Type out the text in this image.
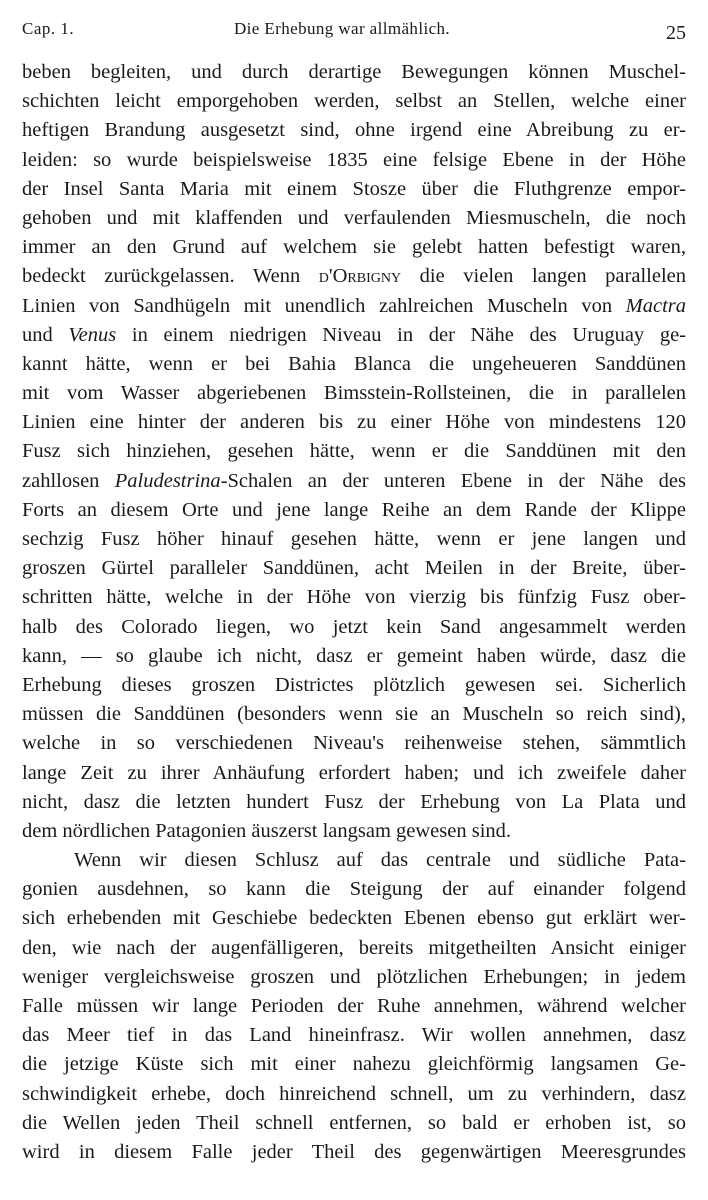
Cap. 1.	Die Erhebung war allmählich.	25
beben begleiten, und durch derartige Bewegungen können Muschel-
schichten leicht emporgehoben werden, selbst an Stellen, welche einer
heftigen Brandung ausgesetzt sind, ohne irgend eine Abreibung zu er-
leiden: so wurde beispielsweise 1835 eine felsige Ebene in der Höhe
der Insel Santa Maria mit einem Stosze über die Fluthgrenze empor-
gehoben und mit klaffenden und verfaulenden Miesmuscheln, die noch
immer an den Grund auf welchem sie gelebt hatten befestigt waren,
bedeckt zurückgelassen. Wenn d'Orbigny die vielen langen parallelen
Linien von Sandhügeln mit unendlich zahlreichen Muscheln von Mactra
und Venus in einem niedrigen Niveau in der Nähe des Uruguay ge-
kannt hätte, wenn er bei Bahia Blanca die ungeheueren Sanddünen
mit vom Wasser abgeriebenen Bimsstein-Rollsteinen, die in parallelen
Linien eine hinter der anderen bis zu einer Höhe von mindestens 120
Fusz sich hinziehen, gesehen hätte, wenn er die Sanddünen mit den
zahllosen Paludestrina-Schalen an der unteren Ebene in der Nähe des
Forts an diesem Orte und jene lange Reihe an dem Rande der Klippe
sechzig Fusz höher hinauf gesehen hätte, wenn er jene langen und
groszen Gürtel paralleler Sanddünen, acht Meilen in der Breite, über-
schritten hätte, welche in der Höhe von vierzig bis fünfzig Fusz ober-
halb des Colorado liegen, wo jetzt kein Sand angesammelt werden
kann, — so glaube ich nicht, dasz er gemeint haben würde, dasz die
Erhebung dieses groszen Districtes plötzlich gewesen sei. Sicherlich
müssen die Sanddünen (besonders wenn sie an Muscheln so reich sind),
welche in so verschiedenen Niveau's reihenweise stehen, sämmtlich
lange Zeit zu ihrer Anhäufung erfordert haben; und ich zweifele daher
nicht, dasz die letzten hundert Fusz der Erhebung von La Plata und
dem nördlichen Patagonien äuszerst langsam gewesen sind.
Wenn wir diesen Schlusz auf das centrale und südliche Pata-
gonien ausdehnen, so kann die Steigung der auf einander folgend
sich erhebenden mit Geschiebe bedeckten Ebenen ebenso gut erklärt wer-
den, wie nach der augenfälligeren, bereits mitgetheilten Ansicht einiger
weniger vergleichsweise groszen und plötzlichen Erhebungen; in jedem
Falle müssen wir lange Perioden der Ruhe annehmen, während welcher
das Meer tief in das Land hineinfrasz. Wir wollen annehmen, dasz
die jetzige Küste sich mit einer nahezu gleichförmig langsamen Ge-
schwindigkeit erhebe, doch hinreichend schnell, um zu verhindern, dasz
die Wellen jeden Theil schnell entfernen, so bald er erhoben ist, so
wird in diesem Falle jeder Theil des gegenwärtigen Meeresgrundes
